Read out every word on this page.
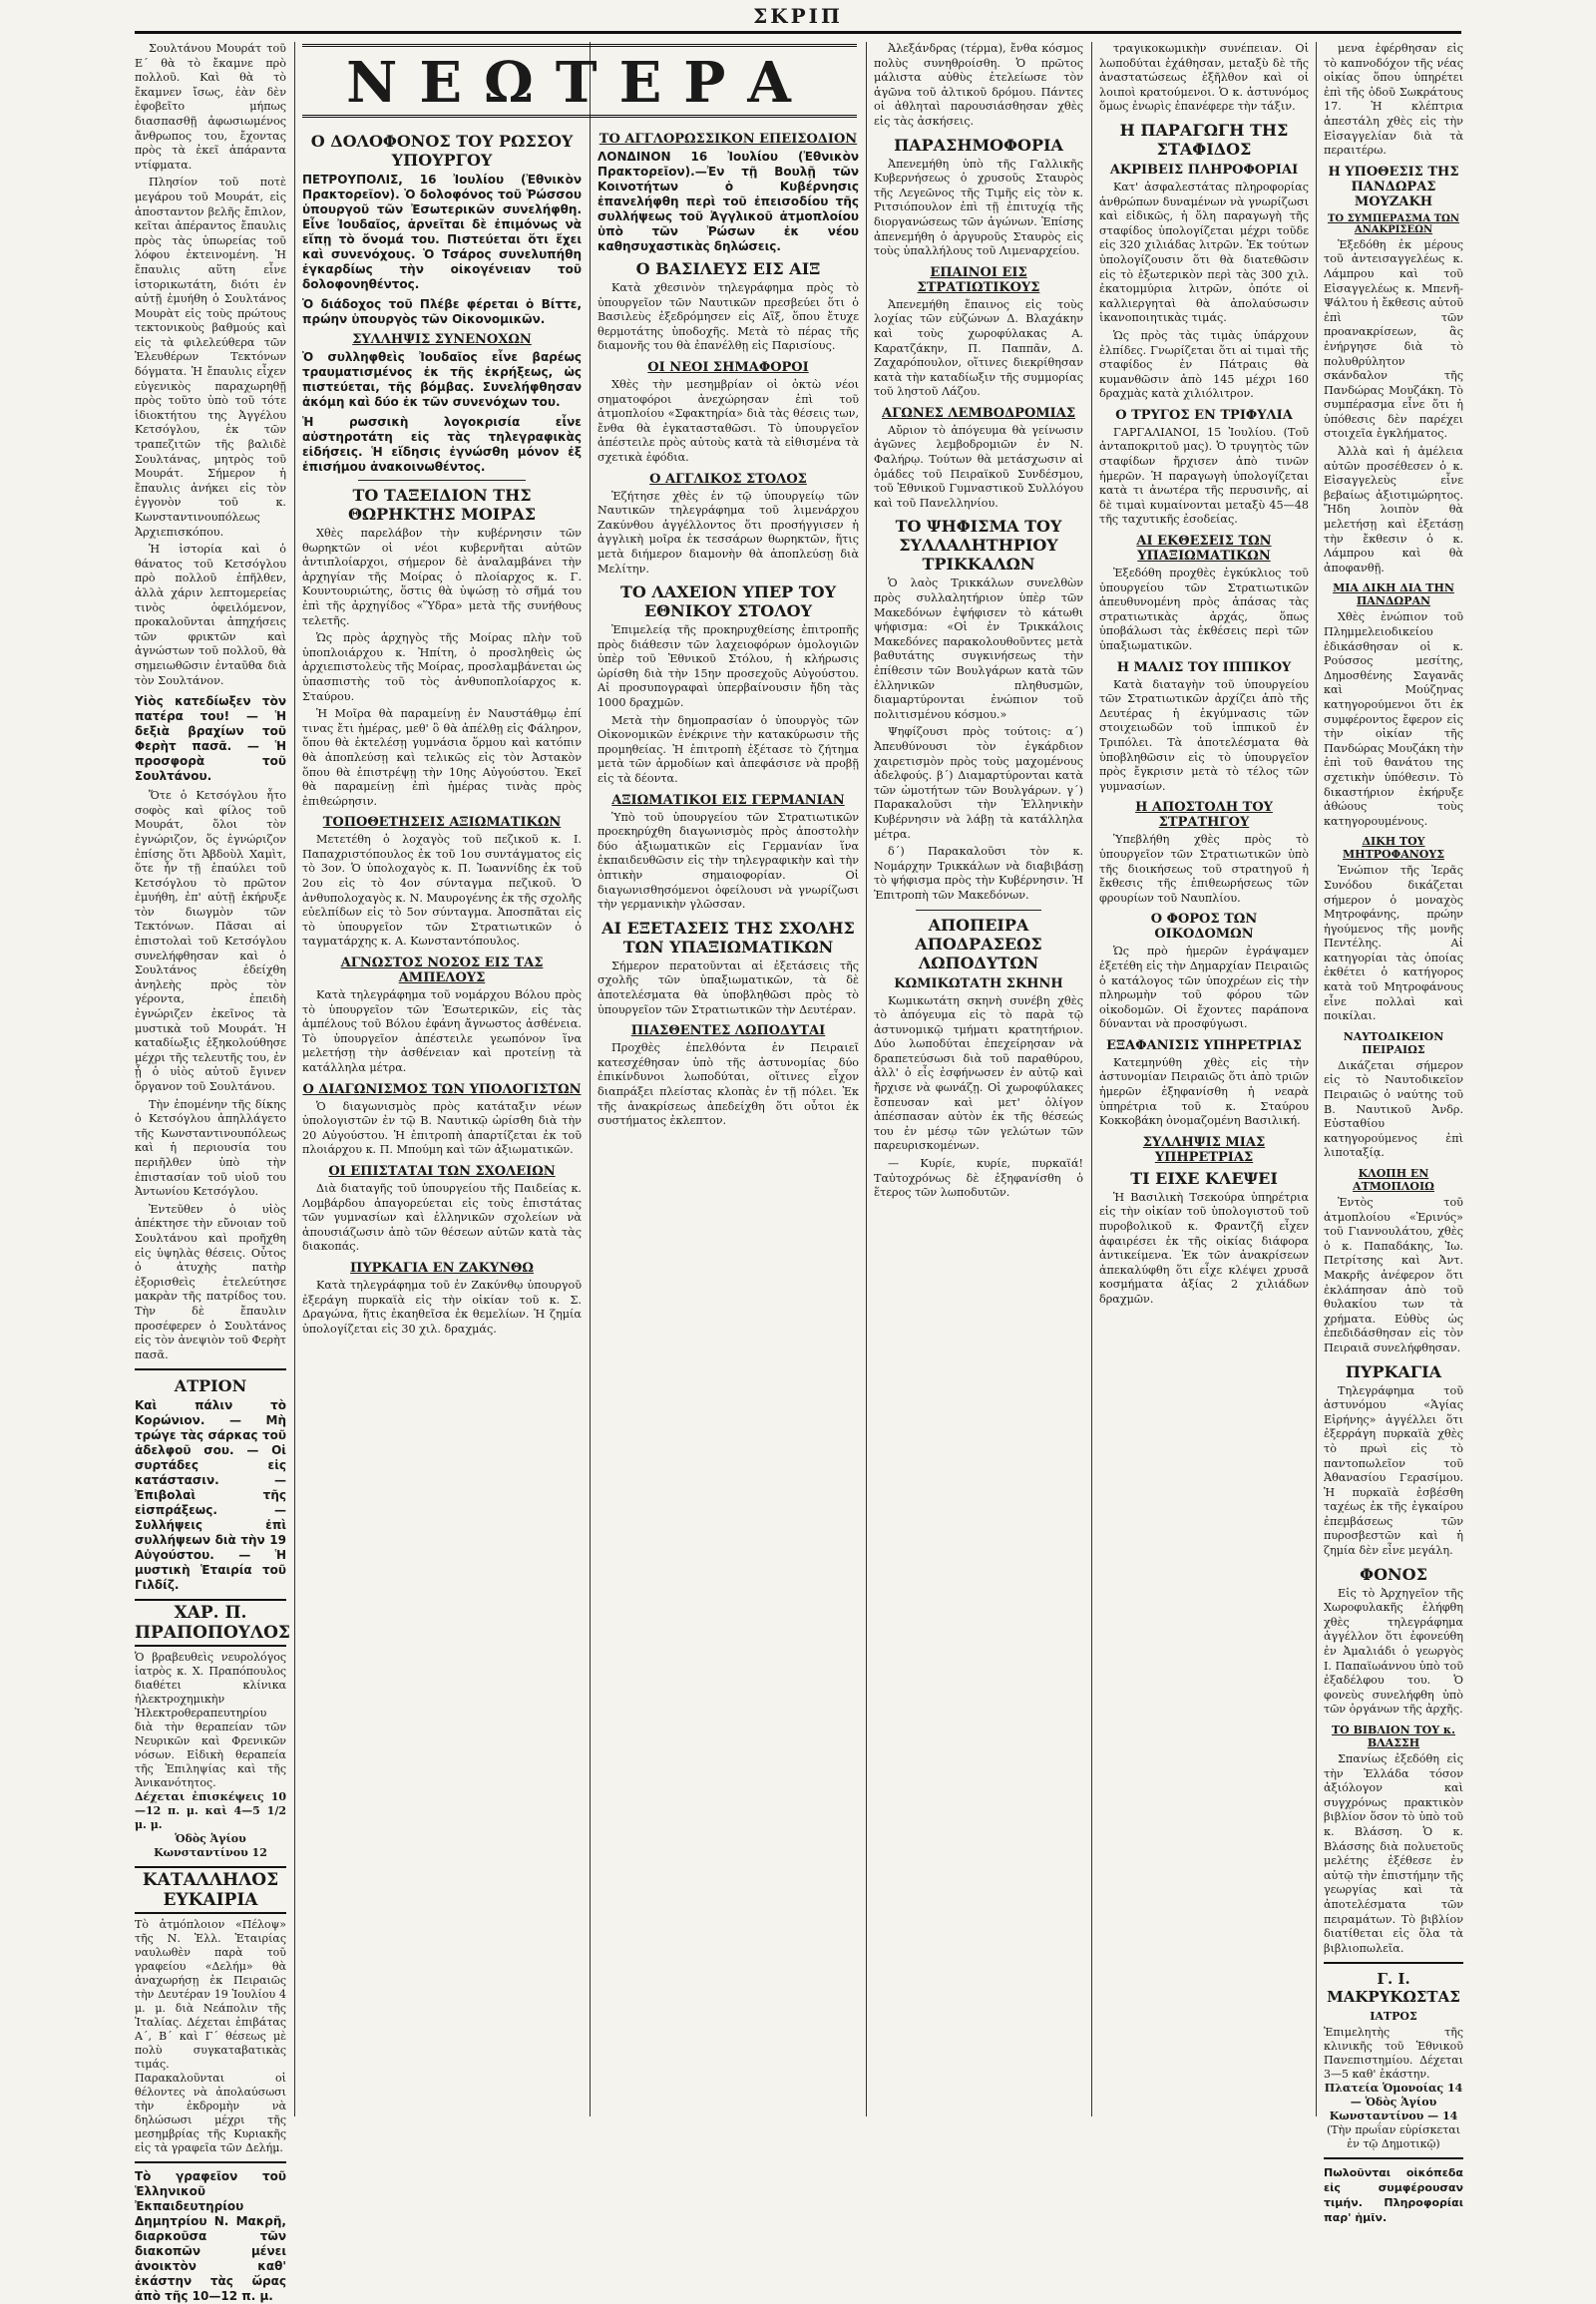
ΣΚΡΙΠ
ΝΕΩΤΕΡΑ

Σουλτάνου Μουράτ τοῦ Ε΄ θὰ τὸ ἔκαμνε πρὸ πολλοῦ. Καὶ θὰ τὸ ἔκαμνεν ἴσως, ἐὰν δὲν ἐφοβεῖτο μήπως διασπασθῇ ἀφωσιωμένος ἄνθρωπος του, ἔχοντας πρὸς τὰ ἐκεῖ ἁπάραντα ντίφματα.

Πλησίον τοῦ ποτὲ μεγάρου τοῦ Μουράτ, εἰς ἀποσταντον βελῆς ἔπιλον, κεῖται ἀπέραντος ἔπαυλις πρὸς τὰς ὑπωρείας τοῦ λόφου ἐκτεινομένη. Ἡ ἔπαυλις αὕτη εἶνε ἰστορικωτάτη, διότι ἐν αὐτῇ ἐμυήθη ὁ Σουλτάνος Μουρὰτ εἰς τοὺς πρώτους τεκτονικοὺς βαθμούς καὶ εἰς τὰ φιλελεύθερα τῶν Ἑλευθέρων Τεκτόνων δόγματα. Ἡ ἔπαυλις εἶχεν εὐγενικὸς παραχωρηθῇ πρὸς τοῦτο ὑπὸ τοῦ τότε ἰδιοκτήτου της Ἀγγέλου Κετσόγλου, ἐκ τῶν τραπεζιτῶν τῆς βαλιδὲ Σουλτάνας, μητρὸς τοῦ Μουράτ. Σήμερον ἡ ἔπαυλις ἀνήκει εἰς τὸν ἐγγονὸν τοῦ κ. Κωνσταντινουπόλεως Ἀρχιεπισκόπου.

Ἡ ἱστορία καὶ ὁ θάνατος τοῦ Κετσόγλου πρὸ πολλοῦ ἐπῆλθεν, ἀλλὰ χάριν λεπτομερείας τινὸς ὀφειλόμενον, προκαλοῦνται ἀπηχήσεις τῶν φρικτῶν καὶ ἀγνώστων τοῦ πολλοῦ, θὰ σημειωθῶσιν ἐνταῦθα διὰ τὸν Σουλτάνον.

Υἱὸς κατεδίωξεν τὸν πατέρα του! — Ἡ δεξιὰ βραχίων τοῦ Φερὴτ πασᾶ. — Ἡ προσφορὰ τοῦ Σουλτάνου.

Ὅτε ὁ Κετσόγλου ἦτο σοφὸς καὶ φίλος τοῦ Μουράτ, ὅλοι τὸν ἐγνώριζον, ὅς ἐγνώριζον ἐπίσης ὅτι Ἀβδοὺλ Χαμὶτ, ὅτε ἦν τῇ ἐπαύλει τοῦ Κετσόγλου τὸ πρῶτον ἐμυήθη, ἐπ' αὐτῇ ἐκήρυξε τὸν διωγμὸν τῶν Τεκτόνων. Πᾶσαι αἱ ἐπιστολαὶ τοῦ Κετσόγλου συνελήφθησαν καὶ ὁ Σουλτάνος ἐδείχθη ἀνηλεὴς πρὸς τὸν γέροντα, ἐπειδὴ ἐγνώριζεν ἐκεῖνος τὰ μυστικὰ τοῦ Μουράτ. Ἡ καταδίωξις ἐξηκολούθησε μέχρι τῆς τελευτῆς του, ἐν ᾗ ὁ υἱὸς αὐτοῦ ἔγινεν ὄργανον τοῦ Σουλτάνου.

Τὴν ἐπομένην τῆς δίκης ὁ Κετσόγλου ἀπηλλάγετο τῆς Κωνσταντινουπόλεως καὶ ἡ περιουσία του περιῆλθεν ὑπὸ τὴν ἐπιστασίαν τοῦ υἱοῦ του Ἀντωνίου Κετσόγλου.

Ἐντεῦθεν ὁ υἱὸς ἀπέκτησε τὴν εὔνοιαν τοῦ Σουλτάνου καὶ προῆχθη εἰς ὑψηλὰς θέσεις. Οὗτος ὁ ἀτυχὴς πατὴρ ἐξορισθεὶς ἐτελεύτησε μακρὰν τῆς πατρίδος του. Τὴν δὲ ἔπαυλιν προσέφερεν ὁ Σουλτάνος εἰς τὸν ἀνεψιὸν τοῦ Φερὴτ πασᾶ.

ΑΤΡΙΟΝ
Καὶ πάλιν τὸ Κορώνιον. — Μὴ τρώγε τὰς σάρκας τοῦ ἀδελφοῦ σου. — Οἱ συρτάδες εἰς κατάστασιν. — Ἐπιβολαὶ τῆς εἰσπράξεως. — Συλλήψεις ἐπὶ συλλήψεων διὰ τὴν 19 Αὐγούστου. — Ἡ μυστικὴ Ἑταιρία τοῦ Γιλδίζ.
ΧΑΡ. Π. ΠΡΑΠΟΠΟΥΛΟΣ
Ὁ βραβευθεὶς νευρολόγος ἰατρὸς κ. Χ. Πραπόπουλος διαθέτει κλίνικα ἠλεκτροχημικὴν Ἠλεκτροθεραπευτηρίου διὰ τὴν θεραπείαν τῶν Νευρικῶν καὶ Φρενικῶν νόσων. Εἰδικὴ θεραπεία τῆς Ἐπιληψίας καὶ τῆς Ἀνικανότητος.
Δέχεται ἐπισκέψεις 10—12 π. μ. καὶ 4—5 1/2 μ. μ.
Ὁδὸς Ἁγίου Κωνσταντίνου 12
ΚΑΤΑΛΛΗΛΟΣ ΕΥΚΑΙΡΙΑ
Τὸ ἀτμόπλοιον «Πέλοψ» τῆς Ν. Ἑλλ. Ἑταιρίας ναυλωθὲν παρὰ τοῦ γραφείου «Δελήμ» θὰ ἀναχωρήσῃ ἐκ Πειραιῶς τὴν Δευτέραν 19 Ἰουλίου 4 μ. μ. διὰ Νεάπολιν τῆς Ἰταλίας. Δέχεται ἐπιβάτας Α΄, Β΄ καὶ Γ΄ θέσεως μὲ πολὺ συγκαταβατικὰς τιμάς.
Παρακαλοῦνται οἱ θέλοντες νὰ ἀπολαύσωσι τὴν ἐκδρομὴν νὰ δηλώσωσι μέχρι τῆς μεσημβρίας τῆς Κυριακῆς εἰς τὰ γραφεῖα τῶν Δελήμ.
Τὸ γραφεῖον τοῦ Ἑλληνικοῦ Ἐκπαιδευτηρίου Δημητρίου Ν. Μακρῆ, διαρκοῦσα τῶν διακοπῶν μένει ἀνοικτὸν καθ' ἑκάστην τὰς ὥρας ἀπὸ τῆς 10—12 π. μ.
Ο ΔΟΛΟΦΟΝΟΣ ΤΟΥ ΡΩΣΣΟΥ ΥΠΟΥΡΓΟΥ
ΠΕΤΡΟΥΠΟΛΙΣ, 16 Ἰουλίου (Ἐθνικὸν Πρακτορεῖον). Ὁ δολοφόνος τοῦ Ῥώσσου ὑπουργοῦ τῶν Ἐσωτερικῶν συνελήφθη. Εἶνε Ἰουδαῖος, ἀρνεῖται δὲ ἐπιμόνως νὰ εἴπῃ τὸ ὄνομά του. Πιστεύεται ὅτι ἔχει καὶ συνενόχους. Ὁ Τσάρος συνελυπήθη ἐγκαρδίως τὴν οἰκογένειαν τοῦ δολοφονηθέντος.
Ὁ διάδοχος τοῦ Πλέβε φέρεται ὁ Βίττε, πρώην ὑπουργὸς τῶν Οἰκονομικῶν.
ΣΥΛΛΗΨΙΣ ΣΥΝΕΝΟΧΩΝ
Ὁ συλληφθεὶς Ἰουδαῖος εἶνε βαρέως τραυματισμένος ἐκ τῆς ἐκρήξεως, ὡς πιστεύεται, τῆς βόμβας. Συνελήφθησαν ἀκόμη καὶ δύο ἐκ τῶν συνενόχων του.
Ἡ ρωσσικὴ λογοκρισία εἶνε αὐστηροτάτη εἰς τὰς τηλεγραφικὰς εἰδήσεις. Ἡ εἴδησις ἐγνώσθη μόνον ἐξ ἐπισήμου ἀνακοινωθέντος.
ΤΟ ΤΑΞΕΙΔΙΟΝ ΤΗΣ ΘΩΡΗΚΤΗΣ ΜΟΙΡΑΣ

Χθὲς παρελάβον τὴν κυβέρνησιν τῶν θωρηκτῶν οἱ νέοι κυβερνῆται αὐτῶν ἀντιπλοίαρχοι, σήμερον δὲ ἀναλαμβάνει τὴν ἀρχηγίαν τῆς Μοίρας ὁ πλοίαρχος κ. Γ. Κουντουριώτης, ὅστις θὰ ὑψώσῃ τὸ σῆμά του ἐπὶ τῆς ἀρχηγίδος «Ὕδρα» μετὰ τῆς συνήθους τελετῆς.

Ὡς πρὸς ἀρχηγὸς τῆς Μοίρας πλὴν τοῦ ὑποπλοιάρχου κ. Ἠπίτη, ὁ προσληθεὶς ὡς ἀρχιεπιστολεὺς τῆς Μοίρας, προσλαμβάνεται ὡς ὑπασπιστὴς τοῦ τὸς ἀνθυποπλοίαρχος κ. Σταύρου.

Ἡ Μοῖρα θὰ παραμείνῃ ἐν Ναυστάθμῳ ἐπί τινας ἔτι ἡμέρας, μεθ' ὃ θὰ ἀπέλθῃ εἰς Φάληρον, ὅπου θὰ ἐκτελέσῃ γυμνάσια ὅρμου καὶ κατόπιν θὰ ἀποπλεύσῃ καὶ τελικῶς εἰς τὸν Ἀστακὸν ὅπου θὰ ἐπιστρέψῃ τὴν 10ης Αὐγούστου. Ἐκεῖ θὰ παραμείνῃ ἐπὶ ἡμέρας τινὰς πρὸς ἐπιθεώρησιν.

ΤΟΠΟΘΕΤΗΣΕΙΣ ΑΞΙΩΜΑΤΙΚΩΝ

Μετετέθη ὁ λοχαγὸς τοῦ πεζικοῦ κ. Ι. Παπαχριστόπουλος ἐκ τοῦ 1ου συντάγματος εἰς τὸ 3ον. Ὁ ὑπολοχαγὸς κ. Π. Ἰωαννίδης ἐκ τοῦ 2ου εἰς τὸ 4ον σύνταγμα πεζικοῦ. Ὁ ἀνθυπολοχαγὸς κ. Ν. Μαυρογένης ἐκ τῆς σχολῆς εὐελπίδων εἰς τὸ 5ον σύνταγμα. Ἀποσπᾶται εἰς τὸ ὑπουργεῖον τῶν Στρατιωτικῶν ὁ ταγματάρχης κ. Α. Κωνσταντόπουλος.

ΑΓΝΩΣΤΟΣ ΝΟΣΟΣ ΕΙΣ ΤΑΣ ΑΜΠΕΛΟΥΣ

Κατὰ τηλεγράφημα τοῦ νομάρχου Βόλου πρὸς τὸ ὑπουργεῖον τῶν Ἐσωτερικῶν, εἰς τὰς ἀμπέλους τοῦ Βόλου ἐφάνη ἄγνωστος ἀσθένεια. Τὸ ὑπουργεῖον ἀπέστειλε γεωπόνον ἵνα μελετήσῃ τὴν ἀσθένειαν καὶ προτείνῃ τὰ κατάλληλα μέτρα.

Ο ΔΙΑΓΩΝΙΣΜΟΣ ΤΩΝ ΥΠΟΛΟΓΙΣΤΩΝ

Ὁ διαγωνισμὸς πρὸς κατάταξιν νέων ὑπολογιστῶν ἐν τῷ Β. Ναυτικῷ ὡρίσθη διὰ τὴν 20 Αὐγούστου. Ἡ ἐπιτροπὴ ἀπαρτίζεται ἐκ τοῦ πλοιάρχου κ. Π. Μπούμη καὶ τῶν ἀξιωματικῶν.

ΟΙ ΕΠΙΣΤΑΤΑΙ ΤΩΝ ΣΧΟΛΕΙΩΝ

Διὰ διαταγῆς τοῦ ὑπουργείου τῆς Παιδείας κ. Λομβάρδου ἀπαγορεύεται εἰς τοὺς ἐπιστάτας τῶν γυμνασίων καὶ ἑλληνικῶν σχολείων νὰ ἀπουσιάζωσιν ἀπὸ τῶν θέσεων αὐτῶν κατὰ τὰς διακοπάς.

ΠΥΡΚΑΓΙΑ ΕΝ ΖΑΚΥΝΘΩ

Κατὰ τηλεγράφημα τοῦ ἐν Ζακύνθῳ ὑπουργοῦ ἐξεράγη πυρκαϊὰ εἰς τὴν οἰκίαν τοῦ κ. Σ. Δραγώνα, ἥτις ἐκαηθεῖσα ἐκ θεμελίων. Ἡ ζημία ὑπολογίζεται εἰς 30 χιλ. δραχμάς.

ΤΟ ΑΓΓΛΟΡΩΣΣΙΚΟΝ ΕΠΕΙΣΟΔΙΟΝ
ΛΟΝΔΙΝΟΝ 16 Ἰουλίου (Ἐθνικὸν Πρακτορεῖον).—Ἐν τῇ Βουλῇ τῶν Κοινοτήτων ὁ Κυβέρνησις ἐπανελήφθη περὶ τοῦ ἐπεισοδίου τῆς συλλήψεως τοῦ Ἀγγλικοῦ ἀτμοπλοίου ὑπὸ τῶν Ῥώσων ἐκ νέου καθησυχαστικὰς δηλώσεις.
Ο ΒΑΣΙΛΕΥΣ ΕΙΣ ΑΙΞ

Κατὰ χθεσινὸν τηλεγράφημα πρὸς τὸ ὑπουργεῖον τῶν Ναυτικῶν πρεσβεύει ὅτι ὁ Βασιλεὺς ἐξεδρόμησεν εἰς Αἲξ, ὅπου ἔτυχε θερμοτάτης ὑποδοχῆς. Μετὰ τὸ πέρας τῆς διαμονῆς του θὰ ἐπανέλθῃ εἰς Παρισίους.

ΟΙ ΝΕΟΙ ΣΗΜΑΦΟΡΟΙ

Χθὲς τὴν μεσημβρίαν οἱ ὀκτὼ νέοι σηματοφόροι ἀνεχώρησαν ἐπὶ τοῦ ἀτμοπλοίου «Σφακτηρία» διὰ τὰς θέσεις των, ἔνθα θὰ ἐγκατασταθῶσι. Τὸ ὑπουργεῖον ἀπέστειλε πρὸς αὐτοὺς κατὰ τὰ εἰθισμένα τὰ σχετικὰ ἐφόδια.

Ο ΑΓΓΛΙΚΟΣ ΣΤΟΛΟΣ

Ἐζήτησε χθὲς ἐν τῷ ὑπουργείῳ τῶν Ναυτικῶν τηλεγράφημα τοῦ λιμενάρχου Ζακύνθου ἀγγέλλοντος ὅτι προσήγγισεν ἡ ἀγγλικὴ μοῖρα ἐκ τεσσάρων θωρηκτῶν, ἥτις μετὰ διήμερον διαμονὴν θὰ ἀποπλεύσῃ διὰ Μελίτην.

ΤΟ ΛΑΧΕΙΟΝ ΥΠΕΡ ΤΟΥ ΕΘΝΙΚΟΥ ΣΤΟΛΟΥ

Ἐπιμελείᾳ τῆς προκηρυχθείσης ἐπιτροπῆς πρὸς διάθεσιν τῶν λαχειοφόρων ὁμολογιῶν ὑπὲρ τοῦ Ἐθνικοῦ Στόλου, ἡ κλήρωσις ὡρίσθη διὰ τὴν 15ην προσεχοῦς Αὐγούστου. Αἱ προσυπογραφαὶ ὑπερβαίνουσιν ἤδη τὰς 1000 δραχμῶν.

Μετὰ τὴν δημοπρασίαν ὁ ὑπουργὸς τῶν Οἰκονομικῶν ἐνέκρινε τὴν κατακύρωσιν τῆς προμηθείας. Ἡ ἐπιτροπὴ ἐξέτασε τὸ ζήτημα μετὰ τῶν ἀρμοδίων καὶ ἀπεφάσισε νὰ προβῇ εἰς τὰ δέοντα.

ΑΞΙΩΜΑΤΙΚΟΙ ΕΙΣ ΓΕΡΜΑΝΙΑΝ

Ὑπὸ τοῦ ὑπουργείου τῶν Στρατιωτικῶν προεκηρύχθη διαγωνισμὸς πρὸς ἀποστολὴν δύο ἀξιωματικῶν εἰς Γερμανίαν ἵνα ἐκπαιδευθῶσιν εἰς τὴν τηλεγραφικὴν καὶ τὴν ὀπτικὴν σημαιοφορίαν. Οἱ διαγωνισθησόμενοι ὀφείλουσι νὰ γνωρίζωσι τὴν γερμανικὴν γλῶσσαν.

ΑΙ ΕΞΕΤΑΣΕΙΣ ΤΗΣ ΣΧΟΛΗΣ ΤΩΝ ΥΠΑΞΙΩΜΑΤΙΚΩΝ

Σήμερον περατοῦνται αἱ ἐξετάσεις τῆς σχολῆς τῶν ὑπαξιωματικῶν, τὰ δὲ ἀποτελέσματα θὰ ὑποβληθῶσι πρὸς τὸ ὑπουργεῖον τῶν Στρατιωτικῶν τὴν Δευτέραν.

ΠΙΑΣΘΕΝΤΕΣ ΛΩΠΟΔΥΤΑΙ

Προχθὲς ἐπελθόντα ἐν Πειραιεῖ κατεσχέθησαν ὑπὸ τῆς ἀστυνομίας δύο ἐπικίνδυνοι λωποδύται, οἵτινες εἶχον διαπράξει πλείστας κλοπὰς ἐν τῇ πόλει. Ἐκ τῆς ἀνακρίσεως ἀπεδείχθη ὅτι οὗτοι ἐκ συστήματος ἐκλεπτον.

Ἀλεξάνδρας (τέρμα), ἔνθα κόσμος πολὺς συνηθροίσθη. Ὁ πρῶτος μάλιστα αὐθὺς ἐτελείωσε τὸν ἀγῶνα τοῦ ἀλτικοῦ δρόμου. Πάντες οἱ ἀθληταὶ παρουσιάσθησαν χθὲς εἰς τὰς ἀσκήσεις.

ΠΑΡΑΣΗΜΟΦΟΡΙΑ

Ἀπενεμήθη ὑπὸ τῆς Γαλλικῆς Κυβερνήσεως ὁ χρυσοῦς Σταυρὸς τῆς Λεγεῶνος τῆς Τιμῆς εἰς τὸν κ. Ριτσιόπουλον ἐπὶ τῇ ἐπιτυχίᾳ τῆς διοργανώσεως τῶν ἀγώνων. Ἐπίσης ἀπενεμήθη ὁ ἀργυροῦς Σταυρὸς εἰς τοὺς ὑπαλλήλους τοῦ Λιμεναρχείου.

ΕΠΑΙΝΟΙ ΕΙΣ ΣΤΡΑΤΙΩΤΙΚΟΥΣ

Ἀπενεμήθη ἔπαινος εἰς τοὺς λοχίας τῶν εὐζώνων Δ. Βλαχάκην καὶ τοὺς χωροφύλακας Α. Καρατζάκην, Π. Παππᾶν, Δ. Ζαχαρόπουλον, οἵτινες διεκρίθησαν κατὰ τὴν καταδίωξιν τῆς συμμορίας τοῦ ληστοῦ Λάζου.

ΑΓΩΝΕΣ ΛΕΜΒΟΔΡΟΜΙΑΣ

Αὔριον τὸ ἀπόγευμα θὰ γείνωσιν ἀγῶνες λεμβοδρομιῶν ἐν Ν. Φαλήρῳ. Τούτων θὰ μετάσχωσιν αἱ ὁμάδες τοῦ Πειραϊκοῦ Συνδέσμου, τοῦ Ἐθνικοῦ Γυμναστικοῦ Συλλόγου καὶ τοῦ Πανελληνίου.

ΤΟ ΨΗΦΙΣΜΑ ΤΟΥ ΣΥΛΛΑΛΗΤΗΡΙΟΥ ΤΡΙΚΚΑΛΩΝ

Ὁ λαὸς Τρικκάλων συνελθὼν πρὸς συλλαλητήριον ὑπὲρ τῶν Μακεδόνων ἐψήφισεν τὸ κάτωθι ψήφισμα: «Οἱ ἐν Τρικκάλοις Μακεδόνες παρακολουθοῦντες μετὰ βαθυτάτης συγκινήσεως τὴν ἐπίθεσιν τῶν Βουλγάρων κατὰ τῶν ἑλληνικῶν πληθυσμῶν, διαμαρτύρονται ἐνώπιον τοῦ πολιτισμένου κόσμου.»

Ψηφίζουσι πρὸς τούτοις: α΄) Ἀπευθύνουσι τὸν ἐγκάρδιον χαιρετισμὸν πρὸς τοὺς μαχομένους ἀδελφούς. β΄) Διαμαρτύρονται κατὰ τῶν ὠμοτήτων τῶν Βουλγάρων. γ΄) Παρακαλοῦσι τὴν Ἑλληνικὴν Κυβέρνησιν νὰ λάβῃ τὰ κατάλληλα μέτρα.

δ΄) Παρακαλοῦσι τὸν κ. Νομάρχην Τρικκάλων νὰ διαβιβάσῃ τὸ ψήφισμα πρὸς τὴν Κυβέρνησιν. Ἡ Ἐπιτροπὴ τῶν Μακεδόνων.

ΑΠΟΠΕΙΡΑ ΑΠΟΔΡΑΣΕΩΣ ΛΩΠΟΔΥΤΩΝ
ΚΩΜΙΚΩΤΑΤΗ ΣΚΗΝΗ

Κωμικωτάτη σκηνὴ συνέβη χθὲς τὸ ἀπόγευμα εἰς τὸ παρὰ τῷ ἀστυνομικῷ τμήματι κρατητήριον. Δύο λωποδύται ἐπεχείρησαν νὰ δραπετεύσωσι διὰ τοῦ παραθύρου, ἀλλ' ὁ εἷς ἐσφήνωσεν ἐν αὐτῷ καὶ ἤρχισε νὰ φωνάζῃ. Οἱ χωροφύλακες ἔσπευσαν καὶ μετ' ὀλίγον ἀπέσπασαν αὐτὸν ἐκ τῆς θέσεώς του ἐν μέσῳ τῶν γελώτων τῶν παρευρισκομένων.

— Κυρίε, κυρίε, πυρκαϊά! Ταὐτοχρόνως δὲ ἐξηφανίσθη ὁ ἕτερος τῶν λωποδυτῶν.

τραγικοκωμικὴν συνέπειαν. Οἱ λωποδύται ἐχάθησαν, μεταξὺ δὲ τῆς ἀναστατώσεως ἐξῆλθον καὶ οἱ λοιποὶ κρατούμενοι. Ὁ κ. ἀστυνόμος ὅμως ἐνωρὶς ἐπανέφερε τὴν τάξιν.

Η ΠΑΡΑΓΩΓΗ ΤΗΣ ΣΤΑΦΙΔΟΣ
ΑΚΡΙΒΕΙΣ ΠΛΗΡΟΦΟΡΙΑΙ

Κατ' ἀσφαλεστάτας πληροφορίας ἀνθρώπων δυναμένων νὰ γνωρίζωσι καὶ εἰδικῶς, ἡ ὅλη παραγωγὴ τῆς σταφίδος ὑπολογίζεται μέχρι τοῦδε εἰς 320 χιλιάδας λιτρῶν. Ἐκ τούτων ὑπολογίζουσιν ὅτι θὰ διατεθῶσιν εἰς τὸ ἐξωτερικὸν περὶ τὰς 300 χιλ. ἐκατομμύρια λιτρῶν, ὁπότε οἱ καλλιεργηταὶ θὰ ἀπολαύσωσιν ἱκανοποιητικὰς τιμάς.

Ὡς πρὸς τὰς τιμὰς ὑπάρχουν ἐλπίδες. Γνωρίζεται ὅτι αἱ τιμαὶ τῆς σταφίδος ἐν Πάτραις θὰ κυμανθῶσιν ἀπὸ 145 μέχρι 160 δραχμὰς κατὰ χιλιόλιτρον.

Ο ΤΡΥΓΟΣ ΕΝ ΤΡΙΦΥΛΙΑ

ΓΑΡΓΑΛΙΑΝΟΙ, 15 Ἰουλίου. (Τοῦ ἀνταποκριτοῦ μας). Ὁ τρυγητὸς τῶν σταφίδων ἤρχισεν ἀπὸ τινῶν ἡμερῶν. Ἡ παραγωγὴ ὑπολογίζεται κατὰ τι ἀνωτέρα τῆς περυσινῆς, αἱ δὲ τιμαὶ κυμαίνονται μεταξὺ 45—48 τῆς ταχυτικῆς ἐσοδείας.

ΑΙ ΕΚΘΕΣΕΙΣ ΤΩΝ ΥΠΑΞΙΩΜΑΤΙΚΩΝ

Ἐξεδόθη προχθὲς ἐγκύκλιος τοῦ ὑπουργείου τῶν Στρατιωτικῶν ἀπευθυνομένη πρὸς ἁπάσας τὰς στρατιωτικὰς ἀρχάς, ὅπως ὑποβάλωσι τὰς ἐκθέσεις περὶ τῶν ὑπαξιωματικῶν.

Η ΜΑΛΙΣ ΤΟΥ ΙΠΠΙΚΟΥ

Κατὰ διαταγὴν τοῦ ὑπουργείου τῶν Στρατιωτικῶν ἀρχίζει ἀπὸ τῆς Δευτέρας ἡ ἐκγύμνασις τῶν στοιχειωδῶν τοῦ ἱππικοῦ ἐν Τριπόλει. Τὰ ἀποτελέσματα θὰ ὑποβληθῶσιν εἰς τὸ ὑπουργεῖον πρὸς ἔγκρισιν μετὰ τὸ τέλος τῶν γυμνασίων.

Η ΑΠΟΣΤΟΛΗ ΤΟΥ ΣΤΡΑΤΗΓΟΥ

Ὑπεβλήθη χθὲς πρὸς τὸ ὑπουργεῖον τῶν Στρατιωτικῶν ὑπὸ τῆς διοικήσεως τοῦ στρατηγοῦ ἡ ἔκθεσις τῆς ἐπιθεωρήσεως τῶν φρουρίων τοῦ Ναυπλίου.

Ο ΦΟΡΟΣ ΤΩΝ ΟΙΚΟΔΟΜΩΝ

Ὡς πρὸ ἡμερῶν ἐγράψαμεν ἐξετέθη εἰς τὴν Δημαρχίαν Πειραιῶς ὁ κατάλογος τῶν ὑποχρέων εἰς τὴν πληρωμὴν τοῦ φόρου τῶν οἰκοδομῶν. Οἱ ἔχοντες παράπονα δύνανται νὰ προσφύγωσι.

ΕΞΑΦΑΝΙΣΙΣ ΥΠΗΡΕΤΡΙΑΣ

Κατεμηνύθη χθὲς εἰς τὴν ἀστυνομίαν Πειραιῶς ὅτι ἀπὸ τριῶν ἡμερῶν ἐξηφανίσθη ἡ νεαρὰ ὑπηρέτρια τοῦ κ. Σταύρου Κοκκοβάκη ὀνομαζομένη Βασιλική.

ΣΥΛΛΗΨΙΣ ΜΙΑΣ ΥΠΗΡΕΤΡΙΑΣ
ΤΙ ΕΙΧΕ ΚΛΕΨΕΙ

Ἡ Βασιλικὴ Τσεκούρα ὑπηρέτρια εἰς τὴν οἰκίαν τοῦ ὑπολογιστοῦ τοῦ πυροβολικοῦ κ. Φραντζῆ εἶχεν ἀφαιρέσει ἐκ τῆς οἰκίας διάφορα ἀντικείμενα. Ἐκ τῶν ἀνακρίσεων ἀπεκαλύφθη ὅτι εἶχε κλέψει χρυσᾶ κοσμήματα ἀξίας 2 χιλιάδων δραχμῶν.

μενα ἐφέρθησαν εἰς τὸ καπνοδόχον τῆς νέας οἰκίας ὅπου ὑπηρέτει ἐπὶ τῆς ὁδοῦ Σωκράτους 17. Ἡ κλέπτρια ἀπεστάλη χθὲς εἰς τὴν Εἰσαγγελίαν διὰ τὰ περαιτέρω.

Η ΥΠΟΘΕΣΙΣ ΤΗΣ ΠΑΝΔΩΡΑΣ ΜΟΥΖΑΚΗ
ΤΟ ΣΥΜΠΕΡΑΣΜΑ ΤΩΝ ΑΝΑΚΡΙΣΕΩΝ

Ἐξεδόθη ἐκ μέρους τοῦ ἀντεισαγγελέως κ. Λάμπρου καὶ τοῦ Εἰσαγγελέως κ. Μπενῆ-Ψάλτου ἡ ἔκθεσις αὐτοῦ ἐπὶ τῶν προανακρίσεων, ἃς ἐνήργησε διὰ τὸ πολυθρύλητον σκάνδαλον τῆς Πανδώρας Μουζάκη. Τὸ συμπέρασμα εἶνε ὅτι ἡ ὑπόθεσις δὲν παρέχει στοιχεῖα ἐγκλήματος.

Ἀλλὰ καὶ ἡ ἀμέλεια αὐτῶν προσέθεσεν ὁ κ. Εἰσαγγελεὺς εἶνε βεβαίως ἀξιοτιμώρητος. Ἤδη λοιπὸν θὰ μελετήσῃ καὶ ἐξετάσῃ τὴν ἔκθεσιν ὁ κ. Λάμπρου καὶ θὰ ἀποφανθῇ.

ΜΙΑ ΔΙΚΗ ΔΙΑ ΤΗΝ ΠΑΝΔΩΡΑΝ

Χθὲς ἐνώπιον τοῦ Πλημμελειοδικείου ἐδικάσθησαν οἱ κ. Ρούσσος μεσίτης, Δημοσθένης Σαγανᾶς καὶ Μούζηνας κατηγορούμενοι ὅτι ἐκ συμφέροντος ἔφερον εἰς τὴν οἰκίαν τῆς Πανδώρας Μουζάκη τὴν ἐπὶ τοῦ θανάτου της σχετικὴν ὑπόθεσιν. Τὸ δικαστήριον ἐκήρυξε ἀθώους τοὺς κατηγορουμένους.

ΔΙΚΗ ΤΟΥ ΜΗΤΡΟΦΑΝΟΥΣ

Ἐνώπιον τῆς Ἱερᾶς Συνόδου δικάζεται σήμερον ὁ μοναχὸς Μητροφάνης, πρώην ἡγούμενος τῆς μονῆς Πεντέλης. Αἱ κατηγορίαι τὰς ὁποίας ἐκθέτει ὁ κατήγορος κατὰ τοῦ Μητροφάνους εἶνε πολλαὶ καὶ ποικίλαι.

ΝΑΥΤΟΔΙΚΕΙΟΝ ΠΕΙΡΑΙΩΣ

Δικάζεται σήμερον εἰς τὸ Ναυτοδικεῖον Πειραιῶς ὁ ναύτης τοῦ Β. Ναυτικοῦ Ἀνδρ. Εὐσταθίου κατηγορούμενος ἐπὶ λιποταξίᾳ.

ΚΛΟΠΗ ΕΝ ΑΤΜΟΠΛΟΙΩ

Ἐντὸς τοῦ ἀτμοπλοίου «Ἐρινύς» τοῦ Γιαννουλάτου, χθὲς ὁ κ. Παπαδάκης, Ἰω. Πετρίτσης καὶ Ἀντ. Μακρῆς ἀνέφερον ὅτι ἐκλάπησαν ἀπὸ τοῦ θυλακίου των τὰ χρήματα. Εὐθὺς ὡς ἐπεδιδάσθησαν εἰς τὸν Πειραιᾶ συνελήφθησαν.

ΠΥΡΚΑΓΙΑ

Τηλεγράφημα τοῦ ἀστυνόμου «Ἁγίας Εἰρήνης» ἀγγέλλει ὅτι ἐξερράγη πυρκαϊὰ χθὲς τὸ πρωὶ εἰς τὸ παντοπωλεῖον τοῦ Ἀθανασίου Γερασίμου. Ἡ πυρκαϊὰ ἐσβέσθη ταχέως ἐκ τῆς ἐγκαίρου ἐπεμβάσεως τῶν πυροσβεστῶν καὶ ἡ ζημία δὲν εἶνε μεγάλη.

ΦΟΝΟΣ

Εἰς τὸ Ἀρχηγεῖον τῆς Χωροφυλακῆς ἐλήφθη χθὲς τηλεγράφημα ἀγγέλλον ὅτι ἐφονεύθη ἐν Ἀμαλιάδι ὁ γεωργὸς Ι. Παπαϊωάννου ὑπὸ τοῦ ἐξαδέλφου του. Ὁ φονεὺς συνελήφθη ὑπὸ τῶν ὀργάνων τῆς ἀρχῆς.

ΤΟ ΒΙΒΛΙΟΝ ΤΟΥ κ. ΒΛΑΣΣΗ

Σπανίως ἐξεδόθη εἰς τὴν Ἑλλάδα τόσον ἀξιόλογον καὶ συγχρόνως πρακτικὸν βιβλίον ὅσον τὸ ὑπὸ τοῦ κ. Βλάσση. Ὁ κ. Βλάσσης διὰ πολυετοῦς μελέτης ἐξέθεσε ἐν αὐτῷ τὴν ἐπιστήμην τῆς γεωργίας καὶ τὰ ἀποτελέσματα τῶν πειραμάτων. Τὸ βιβλίον διατίθεται εἰς ὅλα τὰ βιβλιοπωλεῖα.

Γ. Ι. ΜΑΚΡΥΚΩΣΤΑΣ
ΙΑΤΡΟΣ
Ἐπιμελητὴς τῆς κλινικῆς τοῦ Ἐθνικοῦ Πανεπιστημίου. Δέχεται 3—5 καθ' ἑκάστην.
Πλατεία Ὁμονοίας 14 — Ὁδὸς Ἁγίου Κωνσταντίνου — 14
(Τὴν πρωΐαν εὑρίσκεται ἐν τῷ Δημοτικῷ)
Πωλοῦνται οἰκόπεδα εἰς συμφέρουσαν τιμήν. Πληροφορίαι παρ' ἡμῖν.
